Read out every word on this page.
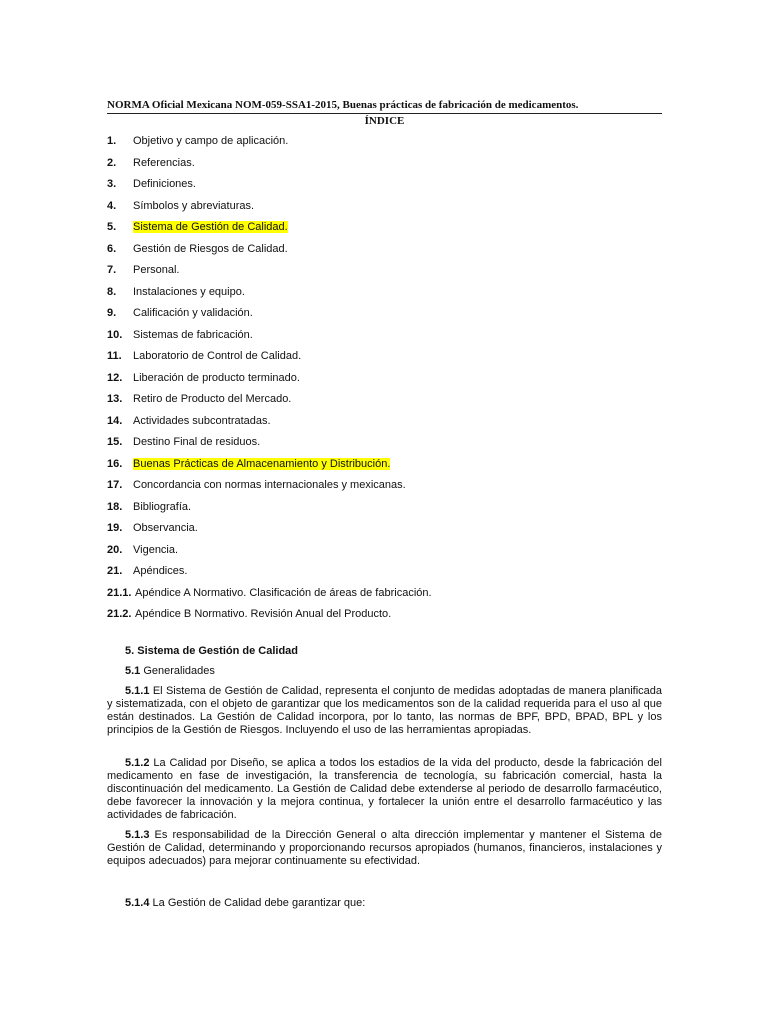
NORMA Oficial Mexicana NOM-059-SSA1-2015, Buenas prácticas de fabricación de medicamentos.
ÍNDICE
1. Objetivo y campo de aplicación.
2. Referencias.
3. Definiciones.
4. Símbolos y abreviaturas.
5. Sistema de Gestión de Calidad.
6. Gestión de Riesgos de Calidad.
7. Personal.
8. Instalaciones y equipo.
9. Calificación y validación.
10. Sistemas de fabricación.
11. Laboratorio de Control de Calidad.
12. Liberación de producto terminado.
13. Retiro de Producto del Mercado.
14. Actividades subcontratadas.
15. Destino Final de residuos.
16. Buenas Prácticas de Almacenamiento y Distribución.
17. Concordancia con normas internacionales y mexicanas.
18. Bibliografía.
19. Observancia.
20. Vigencia.
21. Apéndices.
21.1. Apéndice A Normativo. Clasificación de áreas de fabricación.
21.2. Apéndice B Normativo. Revisión Anual del Producto.
5. Sistema de Gestión de Calidad
5.1 Generalidades

5.1.1 El Sistema de Gestión de Calidad, representa el conjunto de medidas adoptadas de manera planificada y sistematizada, con el objeto de garantizar que los medicamentos son de la calidad requerida para el uso al que están destinados. La Gestión de Calidad incorpora, por lo tanto, las normas de BPF, BPD, BPAD, BPL y los principios de la Gestión de Riesgos. Incluyendo el uso de las herramientas apropiadas.

5.1.2 La Calidad por Diseño, se aplica a todos los estadios de la vida del producto, desde la fabricación del medicamento en fase de investigación, la transferencia de tecnología, su fabricación comercial, hasta la discontinuación del medicamento. La Gestión de Calidad debe extenderse al periodo de desarrollo farmacéutico, debe favorecer la innovación y la mejora continua, y fortalecer la unión entre el desarrollo farmacéutico y las actividades de fabricación.

5.1.3 Es responsabilidad de la Dirección General o alta dirección implementar y mantener el Sistema de Gestión de Calidad, determinando y proporcionando recursos apropiados (humanos, financieros, instalaciones y equipos adecuados) para mejorar continuamente su efectividad.

5.1.4 La Gestión de Calidad debe garantizar que:
